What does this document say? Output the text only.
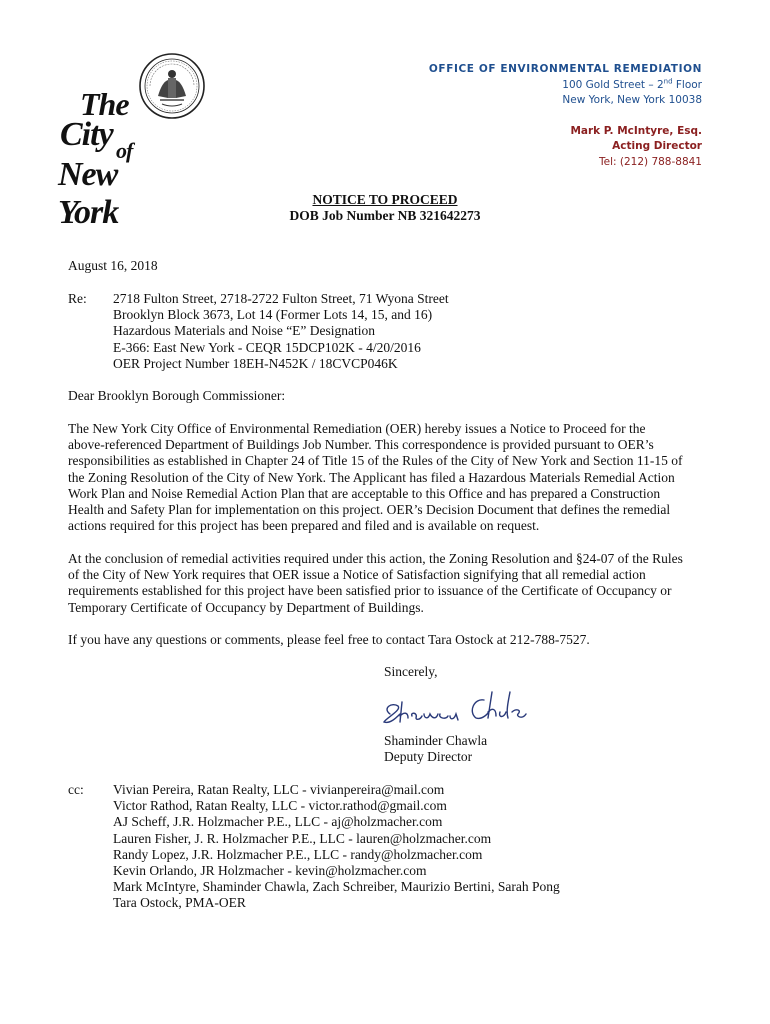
The
City of
New York
OFFICE OF ENVIRONMENTAL REMEDIATION
100 Gold Street – 2nd Floor
New York, New York 10038
Mark P. McIntyre, Esq.
Acting Director
Tel: (212) 788-8841
NOTICE TO PROCEED
DOB Job Number NB 321642273
August 16, 2018
Re: 2718 Fulton Street, 2718-2722 Fulton Street, 71 Wyona Street
Brooklyn Block 3673, Lot 14 (Former Lots 14, 15, and 16)
Hazardous Materials and Noise “E” Designation
E-366: East New York - CEQR 15DCP102K - 4/20/2016
OER Project Number 18EH-N452K / 18CVCP046K
Dear Brooklyn Borough Commissioner:
The New York City Office of Environmental Remediation (OER) hereby issues a Notice to Proceed for the
above-referenced Department of Buildings Job Number. This correspondence is provided pursuant to OER’s
responsibilities as established in Chapter 24 of Title 15 of the Rules of the City of New York and Section 11-15 of
the Zoning Resolution of the City of New York. The Applicant has filed a Hazardous Materials Remedial Action
Work Plan and Noise Remedial Action Plan that are acceptable to this Office and has prepared a Construction
Health and Safety Plan for implementation on this project. OER’s Decision Document that defines the remedial
actions required for this project has been prepared and filed and is available on request.
At the conclusion of remedial activities required under this action, the Zoning Resolution and §24-07 of the Rules
of the City of New York requires that OER issue a Notice of Satisfaction signifying that all remedial action
requirements established for this project have been satisfied prior to issuance of the Certificate of Occupancy or
Temporary Certificate of Occupancy by Department of Buildings.
If you have any questions or comments, please feel free to contact Tara Ostock at 212-788-7527.
Sincerely,
Shaminder Chawla
Deputy Director
cc: Vivian Pereira, Ratan Realty, LLC - vivianpereira@mail.com
Victor Rathod, Ratan Realty, LLC - victor.rathod@gmail.com
AJ Scheff, J.R. Holzmacher P.E., LLC - aj@holzmacher.com
Lauren Fisher, J. R. Holzmacher P.E., LLC - lauren@holzmacher.com
Randy Lopez, J.R. Holzmacher P.E., LLC - randy@holzmacher.com
Kevin Orlando, JR Holzmacher - kevin@holzmacher.com
Mark McIntyre, Shaminder Chawla, Zach Schreiber, Maurizio Bertini, Sarah Pong
Tara Ostock, PMA-OER
